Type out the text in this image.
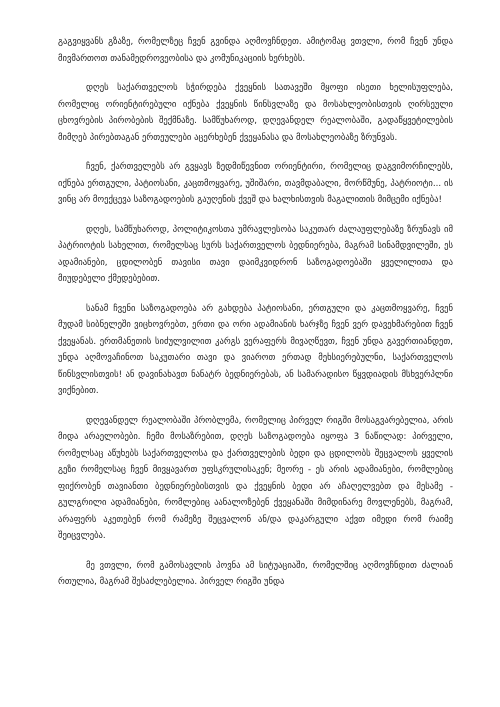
გაგვიყვანს გზაზე, რომელზეც ჩვენ გვინდა აღმოვჩნდეთ. ამიტომაც ვთვლი, რომ ჩვენ უნდა მივმართოთ თანამედროვეობისა და კომუნიკაციის ხერხებს.

დღეს საქართველოს სჭირდება ქვეყნის სათავეში მყოფი ისეთი ხელისუფლება, რომელიც ორიენტირებული იქნება ქვეყნის წინსვლაზე და მოსახლეობისთვის ღირსეული ცხოვრების პირობების შექმნაზე. სამწუხაროდ, დღევანდელ რეალობაში, გადაწყვეტილების მიმღებ პირებთაგან ერთეულები აცერხებენ ქვეყანასა და მოსახლეობაზე ზრუნვას.

ჩვენ, ქართველებს არ გვყავს ზედმიწევნით ორიენტირი, რომელიც დაგვიმორჩილებს, იქნება ერთგული, პატიოსანი, კაცთმოყვარე, უშიშარი, თავმდაბალი, მორწმუნე, პატრიოტი... ის ვინც არ მოექცევა საზოგადოების გაუღენის ქვეშ და ხალხისთვის მაგალითის მიმცემი იქნება!

დღეს, სამწუხაროდ, პოლიტიკოსთა უმრავლესობა საკუთარ ძალაუფლებაზე ზრუნავს იმ პატრიოტის სახელით, რომელსაც სურს საქართველოს ბედნიერება, მაგრამ სინამდვილეში, ეს ადამიანები, ცდილობენ თავისი თავი დაიმკვიდრონ საზოგადოებაში ყველილითა და მიუდებელი ქმედებებით.

სანამ ჩვენი საზოგადოება არ გახდება პატიოსანი, ერთგული და კაცთმოყვარე, ჩვენ მუდამ სიბნელეში ვიცხოვრებთ, ერთი და ორი ადამიანის ხარჯზე ჩვენ ვერ დავეხმარებით ჩვენ ქვეყანას. ერთმანეთის სიძულვილით კარგს ვერაფერს მივაღწევთ, ჩვენ უნდა გავერთიანდეთ, უნდა აღმოვაჩინოთ საკუთარი თავი და ვიაროთ ერთად მეხსიერებულნი, საქართველოს წინსვლისთვის! ან დავინახავთ ნანატრ ბედნიერებას, ან სამარადისო წყვდიადის მსხვერპლნი ვიქნებით.

დღევანდელ რეალობაში პრობლემა, რომელიც პირველ რიგში მოსაგვარებელია, არის მიდა არაელობები. ჩემი მოსაზრებით, დღეს საზოგადოება იყოფა 3 ნაწილად: პირველი, რომელსაც აწუხებს საქართველოსა და ქართველების ბედი და ცდილობს შეცვალოს ყველის გეზი რომელსაც ჩვენ მივყავართ უფსკრულისაკენ; მეორე - ეს არის ადამიანები, რომლებიც ფიქრობენ თავიანთი ბედნიერებისთვის და ქვეყნის ბედი არ აჩაღელვებთ და მესამე - გულგრილი ადამიანები, რომლებიც აანალოზებენ ქვეყანაში მიმდინარე მოვლენებს, მაგრამ, არაფერს აკეთებენ რომ რამეზე შეცვალონ ან/და დაკარგული აქვთ იმედი რომ რაიმე შეიცვლება.

მე ვთვლი, რომ გამოსავლის პოვნა ამ სიტუაციაში, რომელშიც აღმოვჩნდით ძალიან რთულია, მაგრამ შესაძლებელია. პირველ რიგში უნდა
